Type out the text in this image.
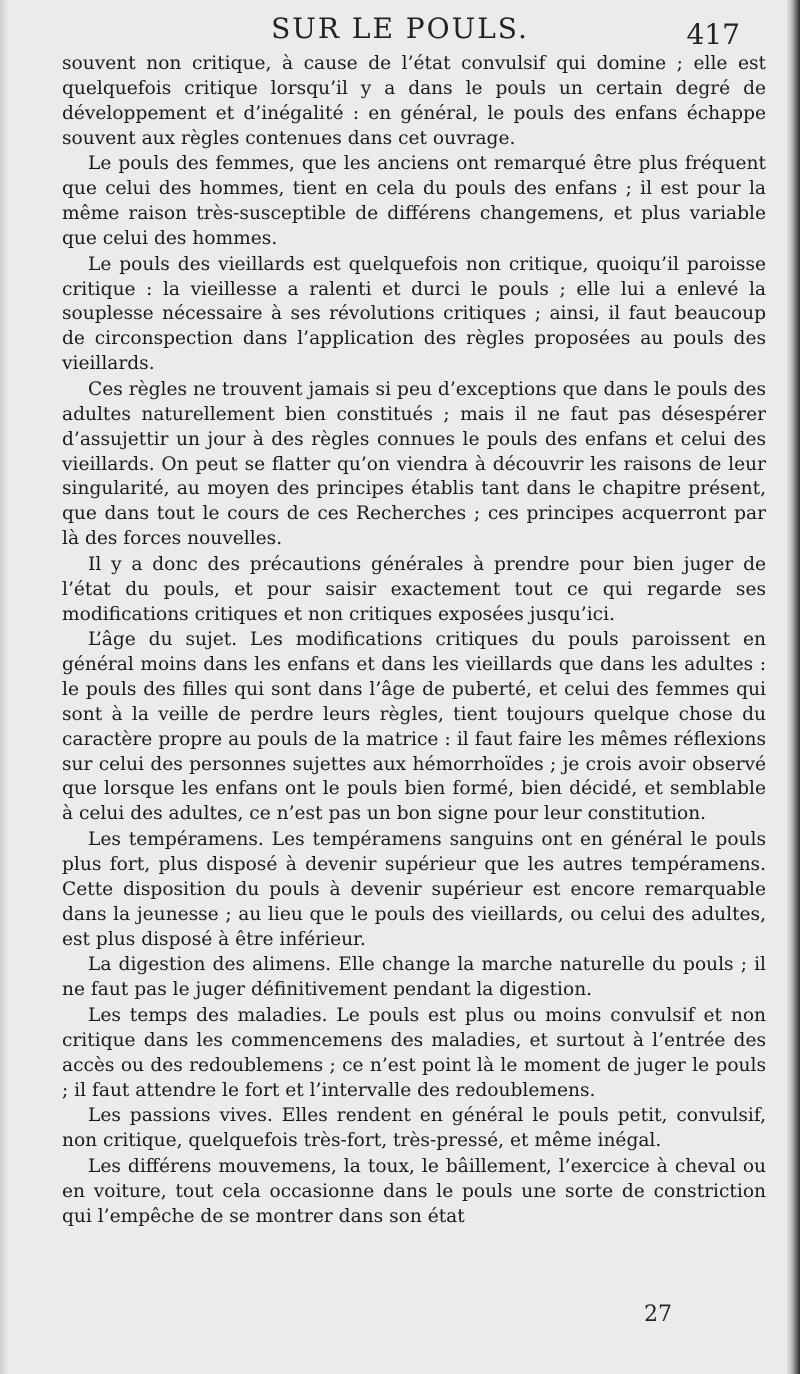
SUR LE POULS.	417

souvent non critique, à cause de l’état convulsif qui domine ; elle est quelquefois critique lorsqu’il y a dans le pouls un certain degré de développement et d’inégalité : en général, le pouls des enfans échappe souvent aux règles contenues dans cet ouvrage.

Le pouls des femmes, que les anciens ont remarqué être plus fréquent que celui des hommes, tient en cela du pouls des enfans ; il est pour la même raison très-susceptible de différens changemens, et plus variable que celui des hommes.

Le pouls des vieillards est quelquefois non critique, quoiqu’il paroisse critique : la vieillesse a ralenti et durci le pouls ; elle lui a enlevé la souplesse nécessaire à ses révolutions critiques ; ainsi, il faut beaucoup de circonspection dans l’application des règles proposées au pouls des vieillards.

Ces règles ne trouvent jamais si peu d’exceptions que dans le pouls des adultes naturellement bien constitués ; mais il ne faut pas désespérer d’assujettir un jour à des règles connues le pouls des enfans et celui des vieillards. On peut se flatter qu’on viendra à découvrir les raisons de leur singularité, au moyen des principes établis tant dans le chapitre présent, que dans tout le cours de ces Recherches ; ces principes acquerront par là des forces nouvelles.

Il y a donc des précautions générales à prendre pour bien juger de l’état du pouls, et pour saisir exactement tout ce qui regarde ses modifications critiques et non critiques exposées jusqu’ici.

L’âge du sujet. Les modifications critiques du pouls paroissent en général moins dans les enfans et dans les vieillards que dans les adultes : le pouls des filles qui sont dans l’âge de puberté, et celui des femmes qui sont à la veille de perdre leurs règles, tient toujours quelque chose du caractère propre au pouls de la matrice : il faut faire les mêmes réflexions sur celui des personnes sujettes aux hémorrhoïdes ; je crois avoir observé que lorsque les enfans ont le pouls bien formé, bien décidé, et semblable à celui des adultes, ce n’est pas un bon signe pour leur constitution.

Les tempéramens. Les tempéramens sanguins ont en général le pouls plus fort, plus disposé à devenir supérieur que les autres tempéramens. Cette disposition du pouls à devenir supérieur est encore remarquable dans la jeunesse ; au lieu que le pouls des vieillards, ou celui des adultes, est plus disposé à être inférieur.

La digestion des alimens. Elle change la marche naturelle du pouls ; il ne faut pas le juger définitivement pendant la digestion.

Les temps des maladies. Le pouls est plus ou moins convulsif et non critique dans les commencemens des maladies, et surtout à l’entrée des accès ou des redoublemens ; ce n’est point là le moment de juger le pouls ; il faut attendre le fort et l’intervalle des redoublemens.

Les passions vives. Elles rendent en général le pouls petit, convulsif, non critique, quelquefois très-fort, très-pressé, et même inégal.

Les différens mouvemens, la toux, le bâillement, l’exercice à cheval ou en voiture, tout cela occasionne dans le pouls une sorte de constriction qui l’empêche de se montrer dans son état

27
